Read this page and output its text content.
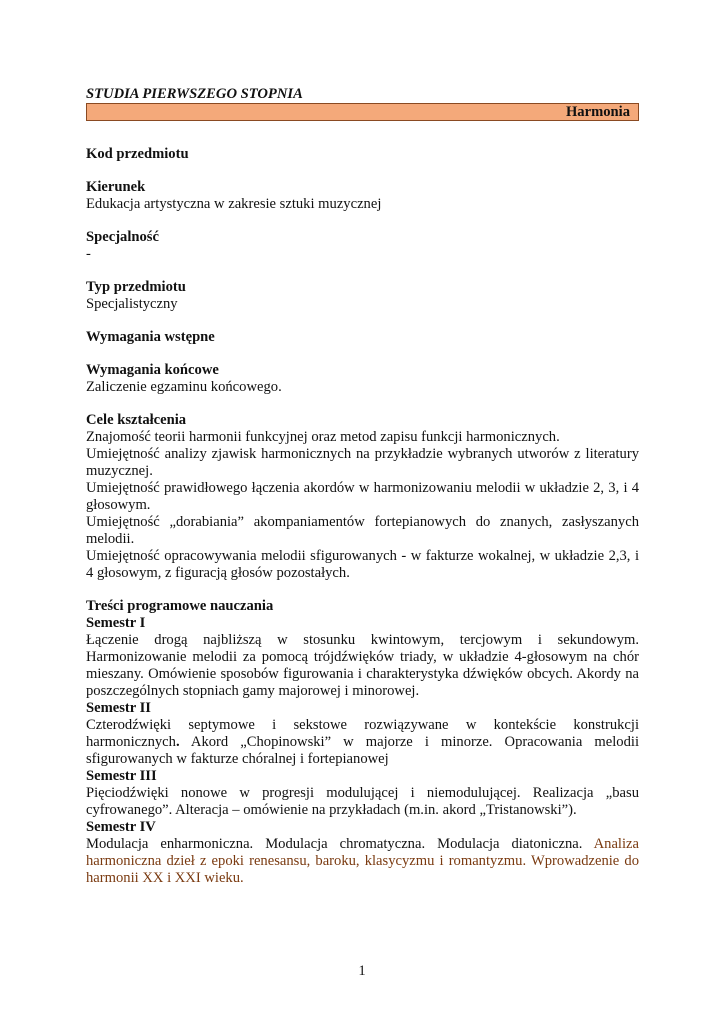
STUDIA PIERWSZEGO STOPNIA

Harmonia
Kod przedmiotu
Kierunek
Edukacja artystyczna w zakresie sztuki muzycznej
Specjalność
-
Typ przedmiotu
Specjalistyczny
Wymagania wstępne
Wymagania końcowe
Zaliczenie egzaminu końcowego.
Cele kształcenia
Znajomość teorii harmonii funkcyjnej oraz metod zapisu funkcji harmonicznych.
Umiejętność analizy zjawisk harmonicznych na przykładzie wybranych utworów z literatury muzycznej.
Umiejętność prawidłowego łączenia akordów w harmonizowaniu melodii w układzie 2, 3, i 4 głosowym.
Umiejętność „dorabiania” akompaniamentów fortepianowych do znanych, zasłyszanych melodii.
Umiejętność opracowywania melodii sfigurowanych - w fakturze wokalnej, w układzie 2,3, i 4 głosowym, z figuracją głosów pozostałych.
Treści programowe nauczania
Semestr I
Łączenie drogą najbliższą w stosunku kwintowym, tercjowym i sekundowym. Harmonizowanie melodii za pomocą trójdźwięków triady, w układzie 4-głosowym na chór mieszany. Omówienie sposobów figurowania i charakterystyka dźwięków obcych. Akordy na poszczególnych stopniach gamy majorowej i minorowej.
Semestr II
Czterodźwięki septymowe i sekstowe rozwiązywane w kontekście konstrukcji harmonicznych. Akord „Chopinowski” w majorze i minorze. Opracowania melodii sfigurowanych w fakturze chóralnej i fortepianowej
Semestr III
Pięciodźwięki nonowe w progresji modulującej i niemodulującej. Realizacja „basu cyfrowanego”. Alteracja – omówienie na przykładach (m.in. akord „Tristanowski”).
Semestr IV
Modulacja enharmoniczna. Modulacja chromatyczna. Modulacja diatoniczna. Analiza harmoniczna dzieł z epoki renesansu, baroku, klasycyzmu i romantyzmu. Wprowadzenie do harmonii XX i XXI wieku.
1
